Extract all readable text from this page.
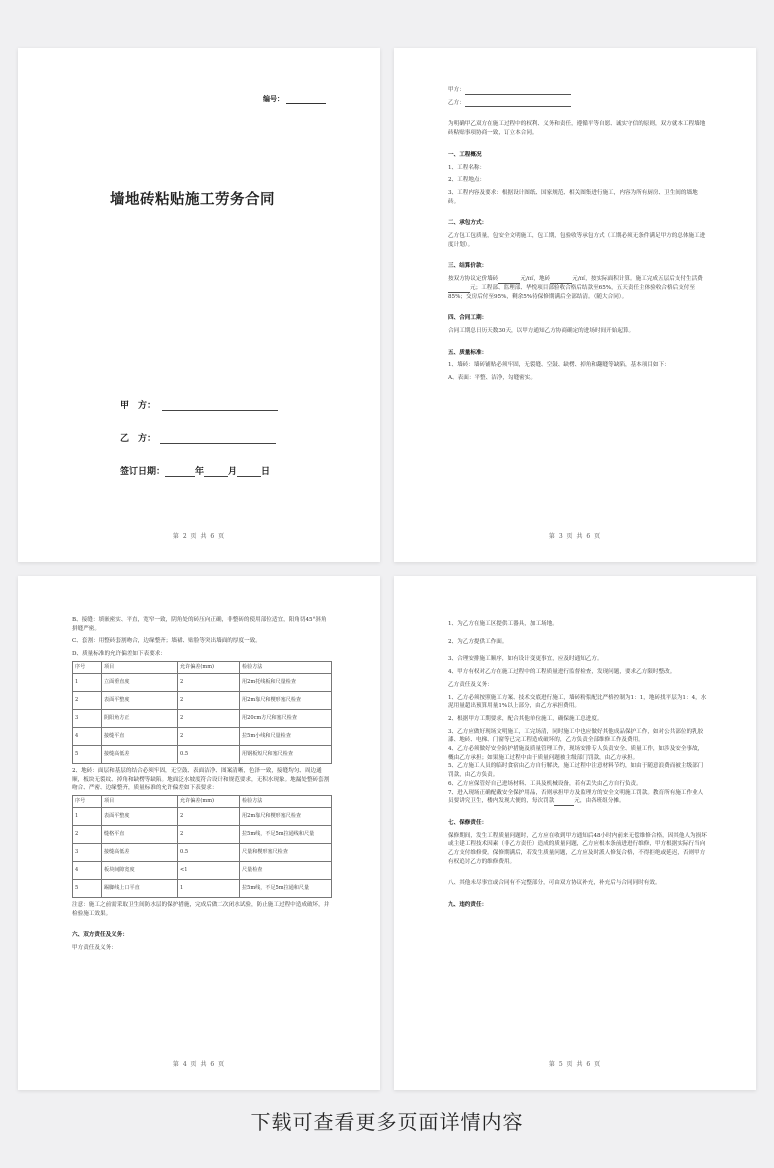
编号：
墙地砖粘贴施工劳务合同
甲　方：
乙　方：
签订日期：	年	月	日
第 2 页 共 6 页

甲方：

乙方：

为明确甲乙双方在施工过程中的权利、义务和责任，遵循平等自愿、诚实守信的原则，双方就本工程墙地砖粘贴事项协商一致，订立本合同。

一、工程概况

1、工程名称：

2、工程地点：

3、工程内容及要求：根据设计图纸、国家规范、相关图集进行施工，内容为所有厨房、卫生间的墙地砖。

二、承包方式：

乙方包工包质量，包安全文明施工，包工期，包验收等承包方式（工期必须无条件满足甲方的总体施工进度计划）。

三、结算价款：

按双方协议定价墙砖	元/㎡，地砖	元/㎡，按实际面积计算。施工完成五层后支付生活费元；工程部、监理部、华悦项目部验收合格后结款至65%，五天责任主体验收合格后支付至85%；交房后付至95%，剩余5%待保修期满后全部结清。（随大合同）。

四、合同工期：

合同工期总日历天数30天，以甲方通知乙方协商确定的进场时间开始起算。

五、质量标准：

1、墙砖：墙砖铺贴必须牢固，无裂缝、空鼓、缺楞、掉角和翻缝等缺陷，基本项目如下：

A、表面：平整、洁净，勾缝密实。

第 3 页 共 6 页

B、接缝：填嵌密实、平直，宽窄一致，阴角处的砖压向正确，非整砖的使用部位适宜，阳角切45°斜角拼缝严密。

C、套割：用整砖套割吻合，边缘整齐；墙裙、贴脸等突出墙面的厚度一致。

D、质量标准的允许偏差如下表要求：

序号	项目	允许偏差(mm)	检验方法
1	立面垂直度	2	用2m托线板和尺量检查
2	表面平整度	2	用2m靠尺和楔形塞尺检查
3	阴阳角方正	2	用20cm方尺和塞尺检查
4	接缝平直	2	拉5m小线和尺量检查
5	接缝高低差	0.5	用钢板短尺和塞尺检查

2、地砖：面层和基层的结合必须牢固，无空鼓、表面洁净、图案清晰，色泽一致，接缝均匀、周边通顺，板块无裂纹、掉角和缺楞等缺陷。地面泛水坡度符合设计和规范要求，无积水现象。地漏处整砖套割吻合、严密、边缘整齐，质量标准的允许偏差如下表要求：

序号	项目	允许偏差(mm)	检验方法
1	表面平整度	2	用2m靠尺和楔形塞尺检查
2	缝格平直	2	拉5m线，不足5m拉通线和尺量
3	接缝高低差	0.5	尺量和楔形塞尺检查
4	板块间隙宽度	<1	尺量检查
5	踢脚线上口平直	1	拉5m线，不足5m拉通和尺量

注意：施工之前需采取卫生间防水层的保护措施，完成后做二次闭水试验，防止施工过程中造成破坏，并检验施工效果。

六、双方责任及义务：

甲方责任及义务：

第 4 页 共 6 页

1、为乙方在施工区提供工器具，加工场地。

2、为乙方提供工作面。

3、合理安排施工顺序，如有设计变更事宜，应及时通知乙方。

4、甲方有权对乙方在施工过程中的工程质量进行监督检查，发现问题，要求乙方限时整改。

乙方责任及义务：

1、乙方必须按照施工方案、技术交底进行施工，墙砖粉浆配比严格控制为1：1，地砖找平层为1：4，水泥用量超出预算用量1%以上部分，由乙方承担费用。

2、根据甲方工期要求，配合其他单位施工，确保施工总进度。

3、乙方应做好现场文明施工，工完场清，同时施工中也应做好其他成品保护工作，如对公共部位的乳胶漆、地砖、电梯、门窗等已完工程造成破坏的，乙方负责全部维修工作及费用。

4、乙方必须做好安全防护措施及质量管理工作，现场安排专人负责安全、质量工作，如涉及安全事故，概由乙方承担；如果施工过程中由于质量问题被主级部门罚款，由乙方承担。

5、乙方施工人员的临时食宿由乙方自行解决，施工过程中注意材料节约，如由于随意浪费而被主级部门罚款，由乙方负责。

6、乙方应保管好自己进场材料、工具及机械设备，若有丢失由乙方自行负责。

7、进入现场正确配戴安全保护用品，否则承担甲方及监理方的安全文明施工罚款。教育所有施工作业人员要讲究卫生，楼内发现大便的，每次罚款	元，由各班组分摊。

七、保修责任：

保修期间，发生工程质量问题时，乙方应在收到甲方通知后48小时内前来无偿维修合格，因其他人为损坏或主建工程技术因素（非乙方责任）造成的质量问题，乙方应根本条前进进行维修，甲方根据实际行当向乙方支付维修费。保修期满后，若发生质量问题，乙方应及时派人修复合格，不得拒绝或延迟，否则甲方有权追讨乙方的维修费用。

八、其他未尽事宜或合同有不完整部分，可由双方协议补充，补充后与合同同时有效。

九、违约责任：

第 5 页 共 6 页
下载可查看更多页面详情内容
